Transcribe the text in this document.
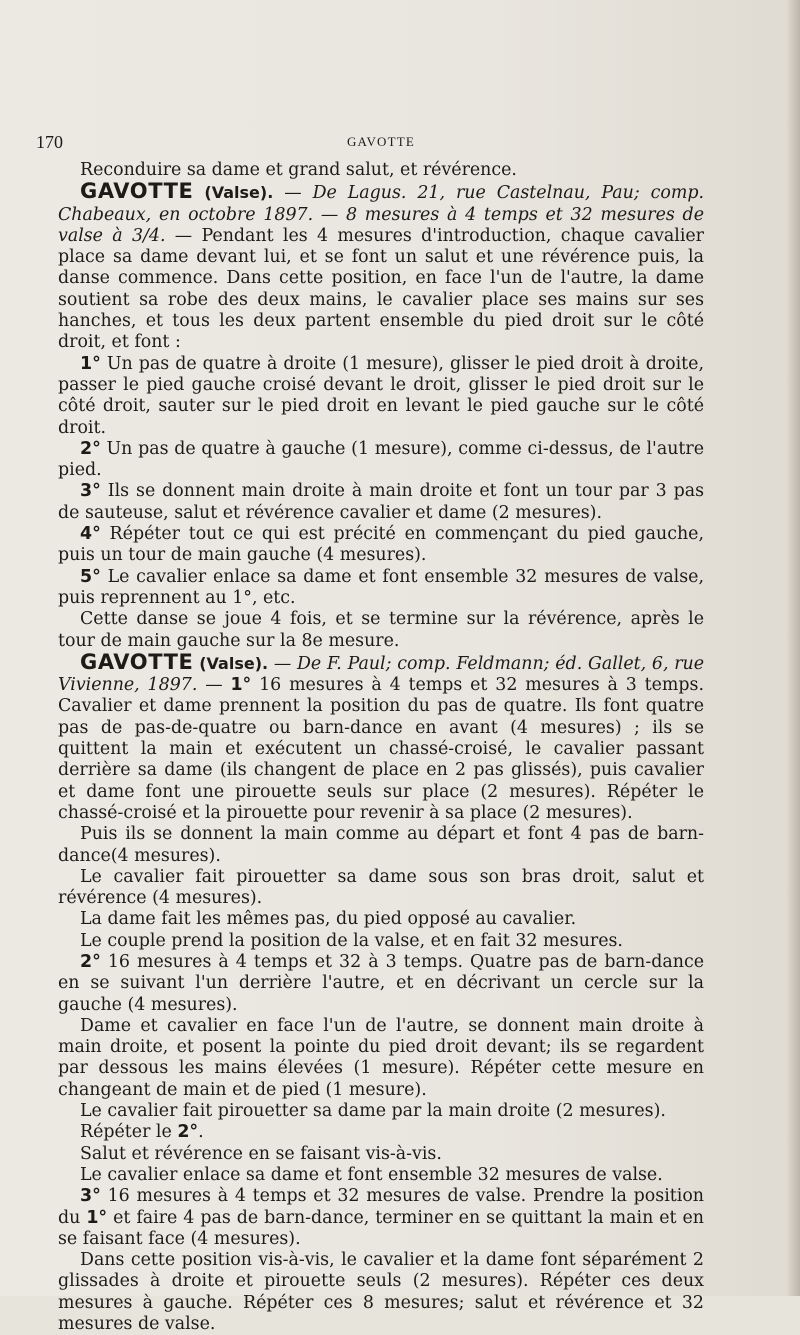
170	GAVOTTE

Reconduire sa dame et grand salut, et révérence.

GAVOTTE (Valse). — De Lagus. 21, rue Castelnau, Pau; comp. Chabeaux, en octobre 1897. — 8 mesures à 4 temps et 32 mesures de valse à 3/4. — Pendant les 4 mesures d'introduction, chaque cavalier place sa dame devant lui, et se font un salut et une révérence puis, la danse commence. Dans cette position, en face l'un de l'autre, la dame soutient sa robe des deux mains, le cavalier place ses mains sur ses hanches, et tous les deux partent ensemble du pied droit sur le côté droit, et font :

1° Un pas de quatre à droite (1 mesure), glisser le pied droit à droite, passer le pied gauche croisé devant le droit, glisser le pied droit sur le côté droit, sauter sur le pied droit en levant le pied gauche sur le côté droit.

2° Un pas de quatre à gauche (1 mesure), comme ci-dessus, de l'autre pied.

3° Ils se donnent main droite à main droite et font un tour par 3 pas de sauteuse, salut et révérence cavalier et dame (2 mesures).

4° Répéter tout ce qui est précité en commençant du pied gauche, puis un tour de main gauche (4 mesures).

5° Le cavalier enlace sa dame et font ensemble 32 mesures de valse, puis reprennent au 1°, etc.

Cette danse se joue 4 fois, et se termine sur la révérence, après le tour de main gauche sur la 8e mesure.

GAVOTTE (Valse). — De F. Paul; comp. Feldmann; éd. Gallet, 6, rue Vivienne, 1897. — 1° 16 mesures à 4 temps et 32 mesures à 3 temps. Cavalier et dame prennent la position du pas de quatre. Ils font quatre pas de pas-de-quatre ou barn-dance en avant (4 mesures) ; ils se quittent la main et exécutent un chassé-croisé, le cavalier passant derrière sa dame (ils changent de place en 2 pas glissés), puis cavalier et dame font une pirouette seuls sur place (2 mesures). Répéter le chassé-croisé et la pirouette pour revenir à sa place (2 mesures).

Puis ils se donnent la main comme au départ et font 4 pas de barn-dance(4 mesures).

Le cavalier fait pirouetter sa dame sous son bras droit, salut et révérence (4 mesures).

La dame fait les mêmes pas, du pied opposé au cavalier.

Le couple prend la position de la valse, et en fait 32 mesures.

2° 16 mesures à 4 temps et 32 à 3 temps. Quatre pas de barn-dance en se suivant l'un derrière l'autre, et en décrivant un cercle sur la gauche (4 mesures).

Dame et cavalier en face l'un de l'autre, se donnent main droite à main droite, et posent la pointe du pied droit devant; ils se regardent par dessous les mains élevées (1 mesure). Répéter cette mesure en changeant de main et de pied (1 mesure).

Le cavalier fait pirouetter sa dame par la main droite (2 mesures).

Répéter le 2°.

Salut et révérence en se faisant vis-à-vis.

Le cavalier enlace sa dame et font ensemble 32 mesures de valse.

3° 16 mesures à 4 temps et 32 mesures de valse. Prendre la position du 1° et faire 4 pas de barn-dance, terminer en se quittant la main et en se faisant face (4 mesures).

Dans cette position vis-à-vis, le cavalier et la dame font séparément 2 glissades à droite et pirouette seuls (2 mesures). Répéter ces deux mesures à gauche. Répéter ces 8 mesures; salut et révérence et 32 mesures de valse.
